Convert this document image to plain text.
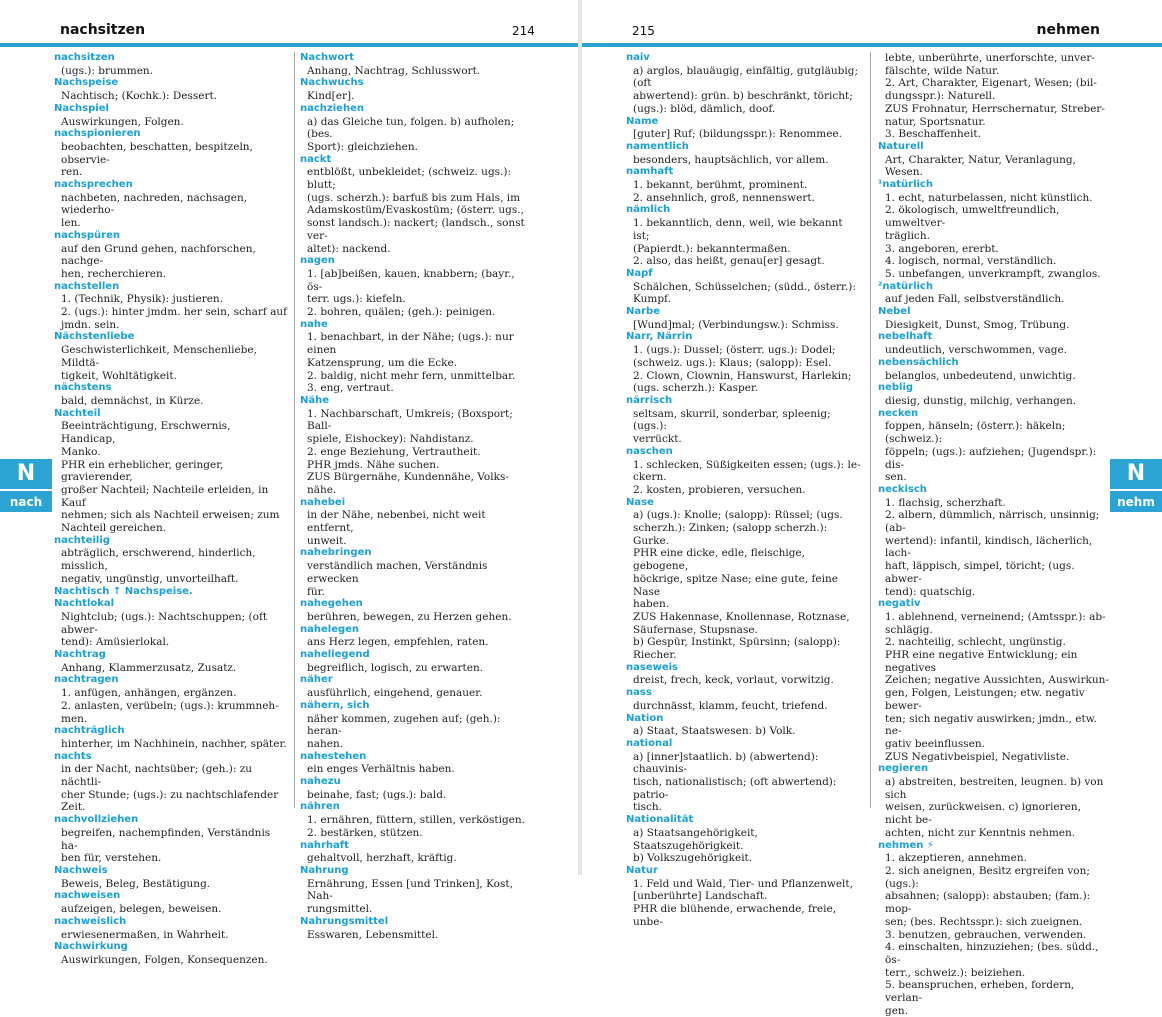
nachsitzen	214
nachsitzen
(ugs.): brummen.
Nachspeise
Nachtisch; (Kochk.): Dessert.
Nachspiel
Auswirkungen, Folgen.
nachspionieren
beobachten, beschatten, bespitzeln, observie-
ren.
nachsprechen
nachbeten, nachreden, nachsagen, wiederho-
len.
nachspüren
auf den Grund gehen, nachforschen, nachge-
hen, recherchieren.
nachstellen
1. (Technik, Physik): justieren.
2. (ugs.): hinter jmdm. her sein, scharf auf
jmdn. sein.
Nächstenliebe
Geschwisterlichkeit, Menschenliebe, Mildtä-
tigkeit, Wohltätigkeit.
nächstens
bald, demnächst, in Kürze.
Nachteil
Beeinträchtigung, Erschwernis, Handicap,
Manko.
PHR ein erheblicher, geringer, gravierender,
großer Nachteil; Nachteile erleiden, in Kauf
nehmen; sich als Nachteil erweisen; zum
Nachteil gereichen.
nachteilig
abträglich, erschwerend, hinderlich, misslich,
negativ, ungünstig, unvorteilhaft.
Nachtisch ↑ Nachspeise.
Nachtlokal
Nightclub; (ugs.): Nachtschuppen; (oft abwer-
tend): Amüsierlokal.
Nachtrag
Anhang, Klammerzusatz, Zusatz.
nachtragen
1. anfügen, anhängen, ergänzen.
2. anlasten, verübeln; (ugs.): krummneh-
men.
nachträglich
hinterher, im Nachhinein, nachher, später.
nachts
in der Nacht, nachtsüber; (geh.): zu nächtli-
cher Stunde; (ugs.): zu nachtschlafender Zeit.
nachvollziehen
begreifen, nachempfinden, Verständnis ha-
ben für, verstehen.
Nachweis
Beweis, Beleg, Bestätigung.
nachweisen
aufzeigen, belegen, beweisen.
nachweislich
erwiesenermaßen, in Wahrheit.
Nachwirkung
Auswirkungen, Folgen, Konsequenzen.
Nachwort
Anhang, Nachtrag, Schlusswort.
Nachwuchs
Kind[er].
nachziehen
a) das Gleiche tun, folgen. b) aufholen; (bes.
Sport): gleichziehen.
nackt
entblößt, unbekleidet; (schweiz. ugs.): blutt;
(ugs. scherzh.): barfuß bis zum Hals, im
Adamskostüm/Evaskostüm; (österr. ugs.,
sonst landsch.): nackert; (landsch., sonst ver-
altet): nackend.
nagen
1. [ab]beißen, kauen, knabbern; (bayr., ös-
terr. ugs.): kiefeln.
2. bohren, quälen; (geh.): peinigen.
nahe
1. benachbart, in der Nähe; (ugs.): nur einen
Katzensprung, um die Ecke.
2. baldig, nicht mehr fern, unmittelbar.
3. eng, vertraut.
Nähe
1. Nachbarschaft, Umkreis; (Boxsport; Ball-
spiele, Eishockey): Nahdistanz.
2. enge Beziehung, Vertrautheit.
PHR jmds. Nähe suchen.
ZUS Bürgernähe, Kundennähe, Volks-
nähe.
nahebei
in der Nähe, nebenbei, nicht weit entfernt,
unweit.
nahebringen
verständlich machen, Verständnis erwecken
für.
nahegehen
berühren, bewegen, zu Herzen gehen.
nahelegen
ans Herz legen, empfehlen, raten.
naheliegend
begreiflich, logisch, zu erwarten.
näher
ausführlich, eingehend, genauer.
nähern, sich
näher kommen, zugehen auf; (geh.): heran-
nahen.
nahestehen
ein enges Verhältnis haben.
nahezu
beinahe, fast; (ugs.): bald.
nähren
1. ernähren, füttern, stillen, verköstigen.
2. bestärken, stützen.
nahrhaft
gehaltvoll, herzhaft, kräftig.
Nahrung
Ernährung, Essen [und Trinken], Kost, Nah-
rungsmittel.
Nahrungsmittel
Esswaren, Lebensmittel.
215	nehmen
naiv
a) arglos, blauäugig, einfältig, gutgläubig; (oft
abwertend): grün. b) beschränkt, töricht;
(ugs.): blöd, dämlich, doof.
Name
[guter] Ruf; (bildungsspr.): Renommee.
namentlich
besonders, hauptsächlich, vor allem.
namhaft
1. bekannt, berühmt, prominent.
2. ansehnlich, groß, nennenswert.
nämlich
1. bekanntlich, denn, weil, wie bekannt ist;
(Papierdt.): bekanntermaßen.
2. also, das heißt, genau[er] gesagt.
Napf
Schälchen, Schüsselchen; (südd., österr.):
Kumpf.
Narbe
[Wund]mal; (Verbindungsw.): Schmiss.
Narr, Närrin
1. (ugs.): Dussel; (österr. ugs.): Dodel;
(schweiz. ugs.): Klaus; (salopp): Esel.
2. Clown, Clownin, Hanswurst, Harlekin;
(ugs. scherzh.): Kasper.
närrisch
seltsam, skurril, sonderbar, spleenig; (ugs.):
verrückt.
naschen
1. schlecken, Süßigkeiten essen; (ugs.): le-
ckern.
2. kosten, probieren, versuchen.
Nase
a) (ugs.): Knolle; (salopp): Rüssel; (ugs.
scherzh.): Zinken; (salopp scherzh.):
Gurke.
PHR eine dicke, edle, fleischige, gebogene,
höckrige, spitze Nase; eine gute, feine Nase
haben.
ZUS Hakennase, Knollennase, Rotznase,
Säufernase, Stupsnase.
b) Gespür, Instinkt, Spürsinn; (salopp):
Riecher.
naseweis
dreist, frech, keck, vorlaut, vorwitzig.
nass
durchnässt, klamm, feucht, triefend.
Nation
a) Staat, Staatswesen. b) Volk.
national
a) [inner]staatlich. b) (abwertend): chauvinis-
tisch, nationalistisch; (oft abwertend): patrio-
tisch.
Nationalität
a) Staatsangehörigkeit, Staatszugehörigkeit.
b) Volkszugehörigkeit.
Natur
1. Feld und Wald, Tier- und Pflanzenwelt,
[unberührte] Landschaft.
PHR die blühende, erwachende, freie, unbe-
lebte, unberührte, unerforschte, unver-
fälschte, wilde Natur.
2. Art, Charakter, Eigenart, Wesen; (bil-
dungsspr.): Naturell.
ZUS Frohnatur, Herrschernatur, Streber-
natur, Sportsnatur.
3. Beschaffenheit.
Naturell
Art, Charakter, Natur, Veranlagung, Wesen.
¹natürlich
1. echt, naturbelassen, nicht künstlich.
2. ökologisch, umweltfreundlich, umweltver-
träglich.
3. angeboren, ererbt.
4. logisch, normal, verständlich.
5. unbefangen, unverkrampft, zwanglos.
²natürlich
auf jeden Fall, selbstverständlich.
Nebel
Diesigkeit, Dunst, Smog, Trübung.
nebelhaft
undeutlich, verschwommen, vage.
nebensächlich
belanglos, unbedeutend, unwichtig.
neblig
diesig, dunstig, milchig, verhangen.
necken
foppen, hänseln; (österr.): häkeln; (schweiz.):
föppeln; (ugs.): aufziehen; (Jugendspr.): dis-
sen.
neckisch
1. flachsig, scherzhaft.
2. albern, dümmlich, närrisch, unsinnig; (ab-
wertend): infantil, kindisch, lächerlich, lach-
haft, läppisch, simpel, töricht; (ugs. abwer-
tend): quatschig.
negativ
1. ablehnend, verneinend; (Amtsspr.): ab-
schlägig.
2. nachteilig, schlecht, ungünstig.
PHR eine negative Entwicklung; ein negatives
Zeichen; negative Aussichten, Auswirkun-
gen, Folgen, Leistungen; etw. negativ bewer-
ten; sich negativ auswirken; jmdn., etw. ne-
gativ beeinflussen.
ZUS Negativbeispiel, Negativliste.
negieren
a) abstreiten, bestreiten, leugnen. b) von sich
weisen, zurückweisen. c) ignorieren, nicht be-
achten, nicht zur Kenntnis nehmen.
nehmen ⚡
1. akzeptieren, annehmen.
2. sich aneignen, Besitz ergreifen von; (ugs.):
absahnen; (salopp): abstauben; (fam.): mop-
sen; (bes. Rechtsspr.): sich zueignen.
3. benutzen, gebrauchen, verwenden.
4. einschalten, hinzuziehen; (bes. südd., ös-
terr., schweiz.): beiziehen.
5. beanspruchen, erheben, fordern, verlan-
gen.
N
nach
N
nehm
